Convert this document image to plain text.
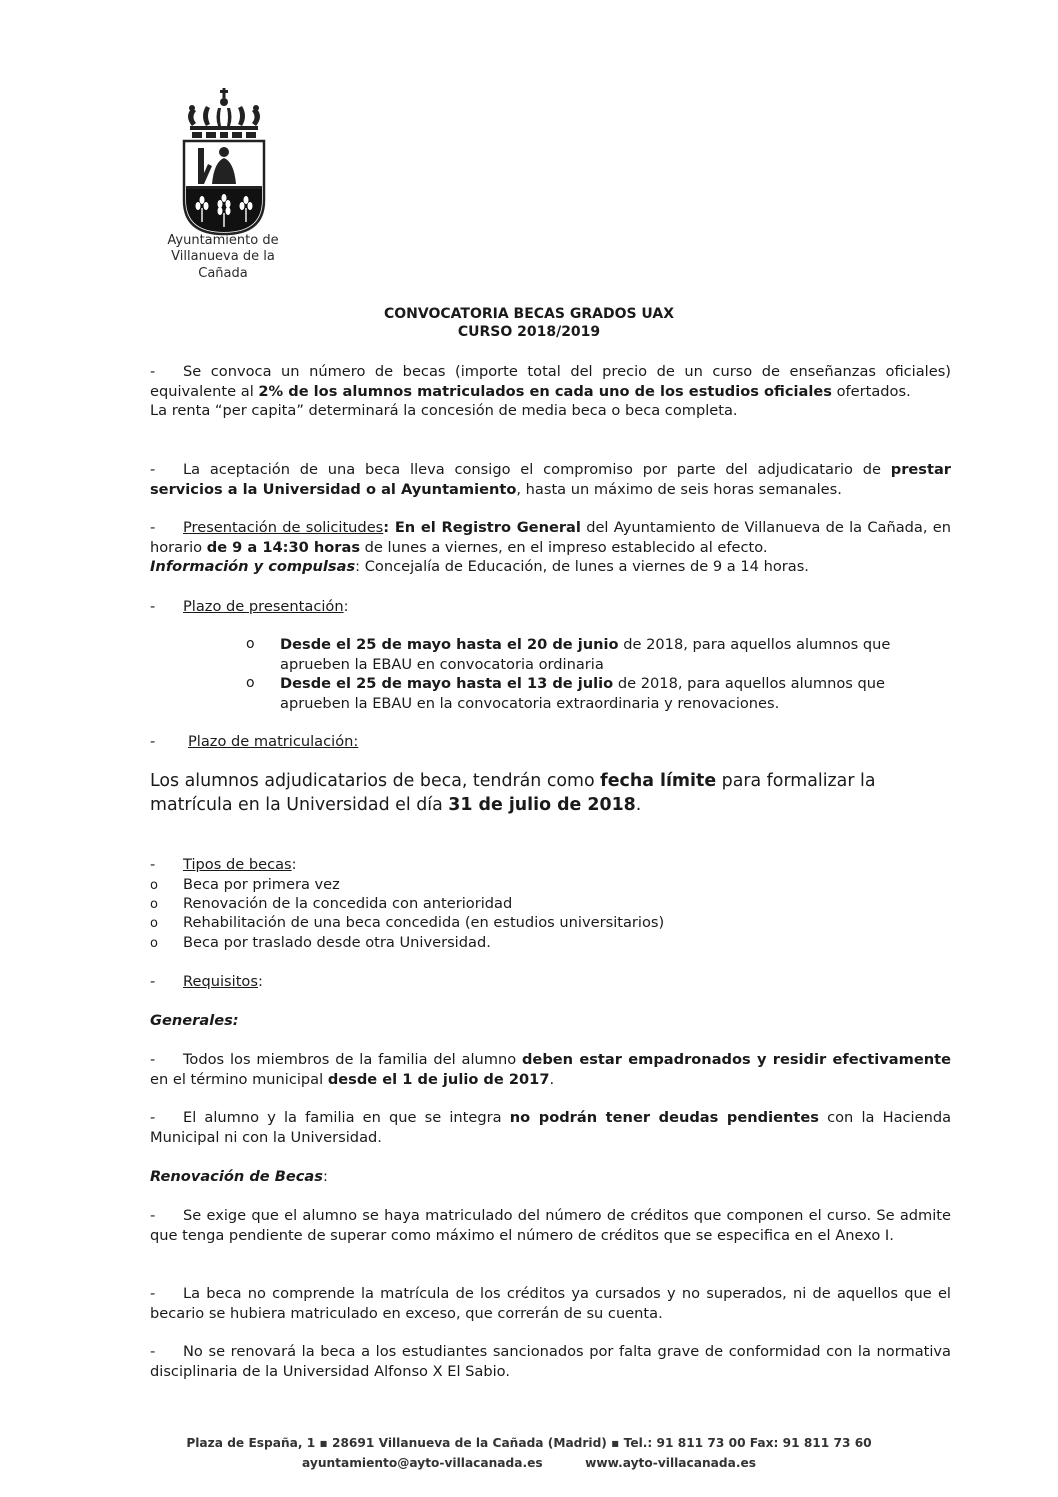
Ayuntamiento de
Villanueva de la Cañada
CONVOCATORIA BECAS GRADOS UAX
CURSO 2018/2019
- Se convoca un número de becas (importe total del precio de un curso de enseñanzas oficiales) equivalente al 2% de los alumnos matriculados en cada uno de los estudios oficiales ofertados.
La renta “per capita” determinará la concesión de media beca o beca completa.
- La aceptación de una beca lleva consigo el compromiso por parte del adjudicatario de prestar servicios a la Universidad o al Ayuntamiento, hasta un máximo de seis horas semanales.
- Presentación de solicitudes: En el Registro General del Ayuntamiento de Villanueva de la Cañada, en horario de 9 a 14:30 horas de lunes a viernes, en el impreso establecido al efecto.
Información y compulsas: Concejalía de Educación, de lunes a viernes de 9 a 14 horas.
- Plazo de presentación:
o Desde el 25 de mayo hasta el 20 de junio de 2018, para aquellos alumnos que aprueben la EBAU en convocatoria ordinaria
o Desde el 25 de mayo hasta el 13 de julio de 2018, para aquellos alumnos que aprueben la EBAU en la convocatoria extraordinaria y renovaciones.
- Plazo de matriculación:
Los alumnos adjudicatarios de beca, tendrán como fecha límite para formalizar la matrícula en la Universidad el día 31 de julio de 2018.
- Tipos de becas:
o Beca por primera vez
o Renovación de la concedida con anterioridad
o Rehabilitación de una beca concedida (en estudios universitarios)
o Beca por traslado desde otra Universidad.
- Requisitos:
Generales:
- Todos los miembros de la familia del alumno deben estar empadronados y residir efectivamente en el término municipal desde el 1 de julio de 2017.
- El alumno y la familia en que se integra no podrán tener deudas pendientes con la Hacienda Municipal ni con la Universidad.
Renovación de Becas:
- Se exige que el alumno se haya matriculado del número de créditos que componen el curso. Se admite que tenga pendiente de superar como máximo el número de créditos que se especifica en el Anexo I.
- La beca no comprende la matrícula de los créditos ya cursados y no superados, ni de aquellos que el becario se hubiera matriculado en exceso, que correrán de su cuenta.
- No se renovará la beca a los estudiantes sancionados por falta grave de conformidad con la normativa disciplinaria de la Universidad Alfonso X El Sabio.
Plaza de España, 1 ▪ 28691 Villanueva de la Cañada (Madrid) ▪ Tel.: 91 811 73 00 Fax: 91 811 73 60
ayuntamiento@ayto-villacanada.es	www.ayto-villacanada.es
